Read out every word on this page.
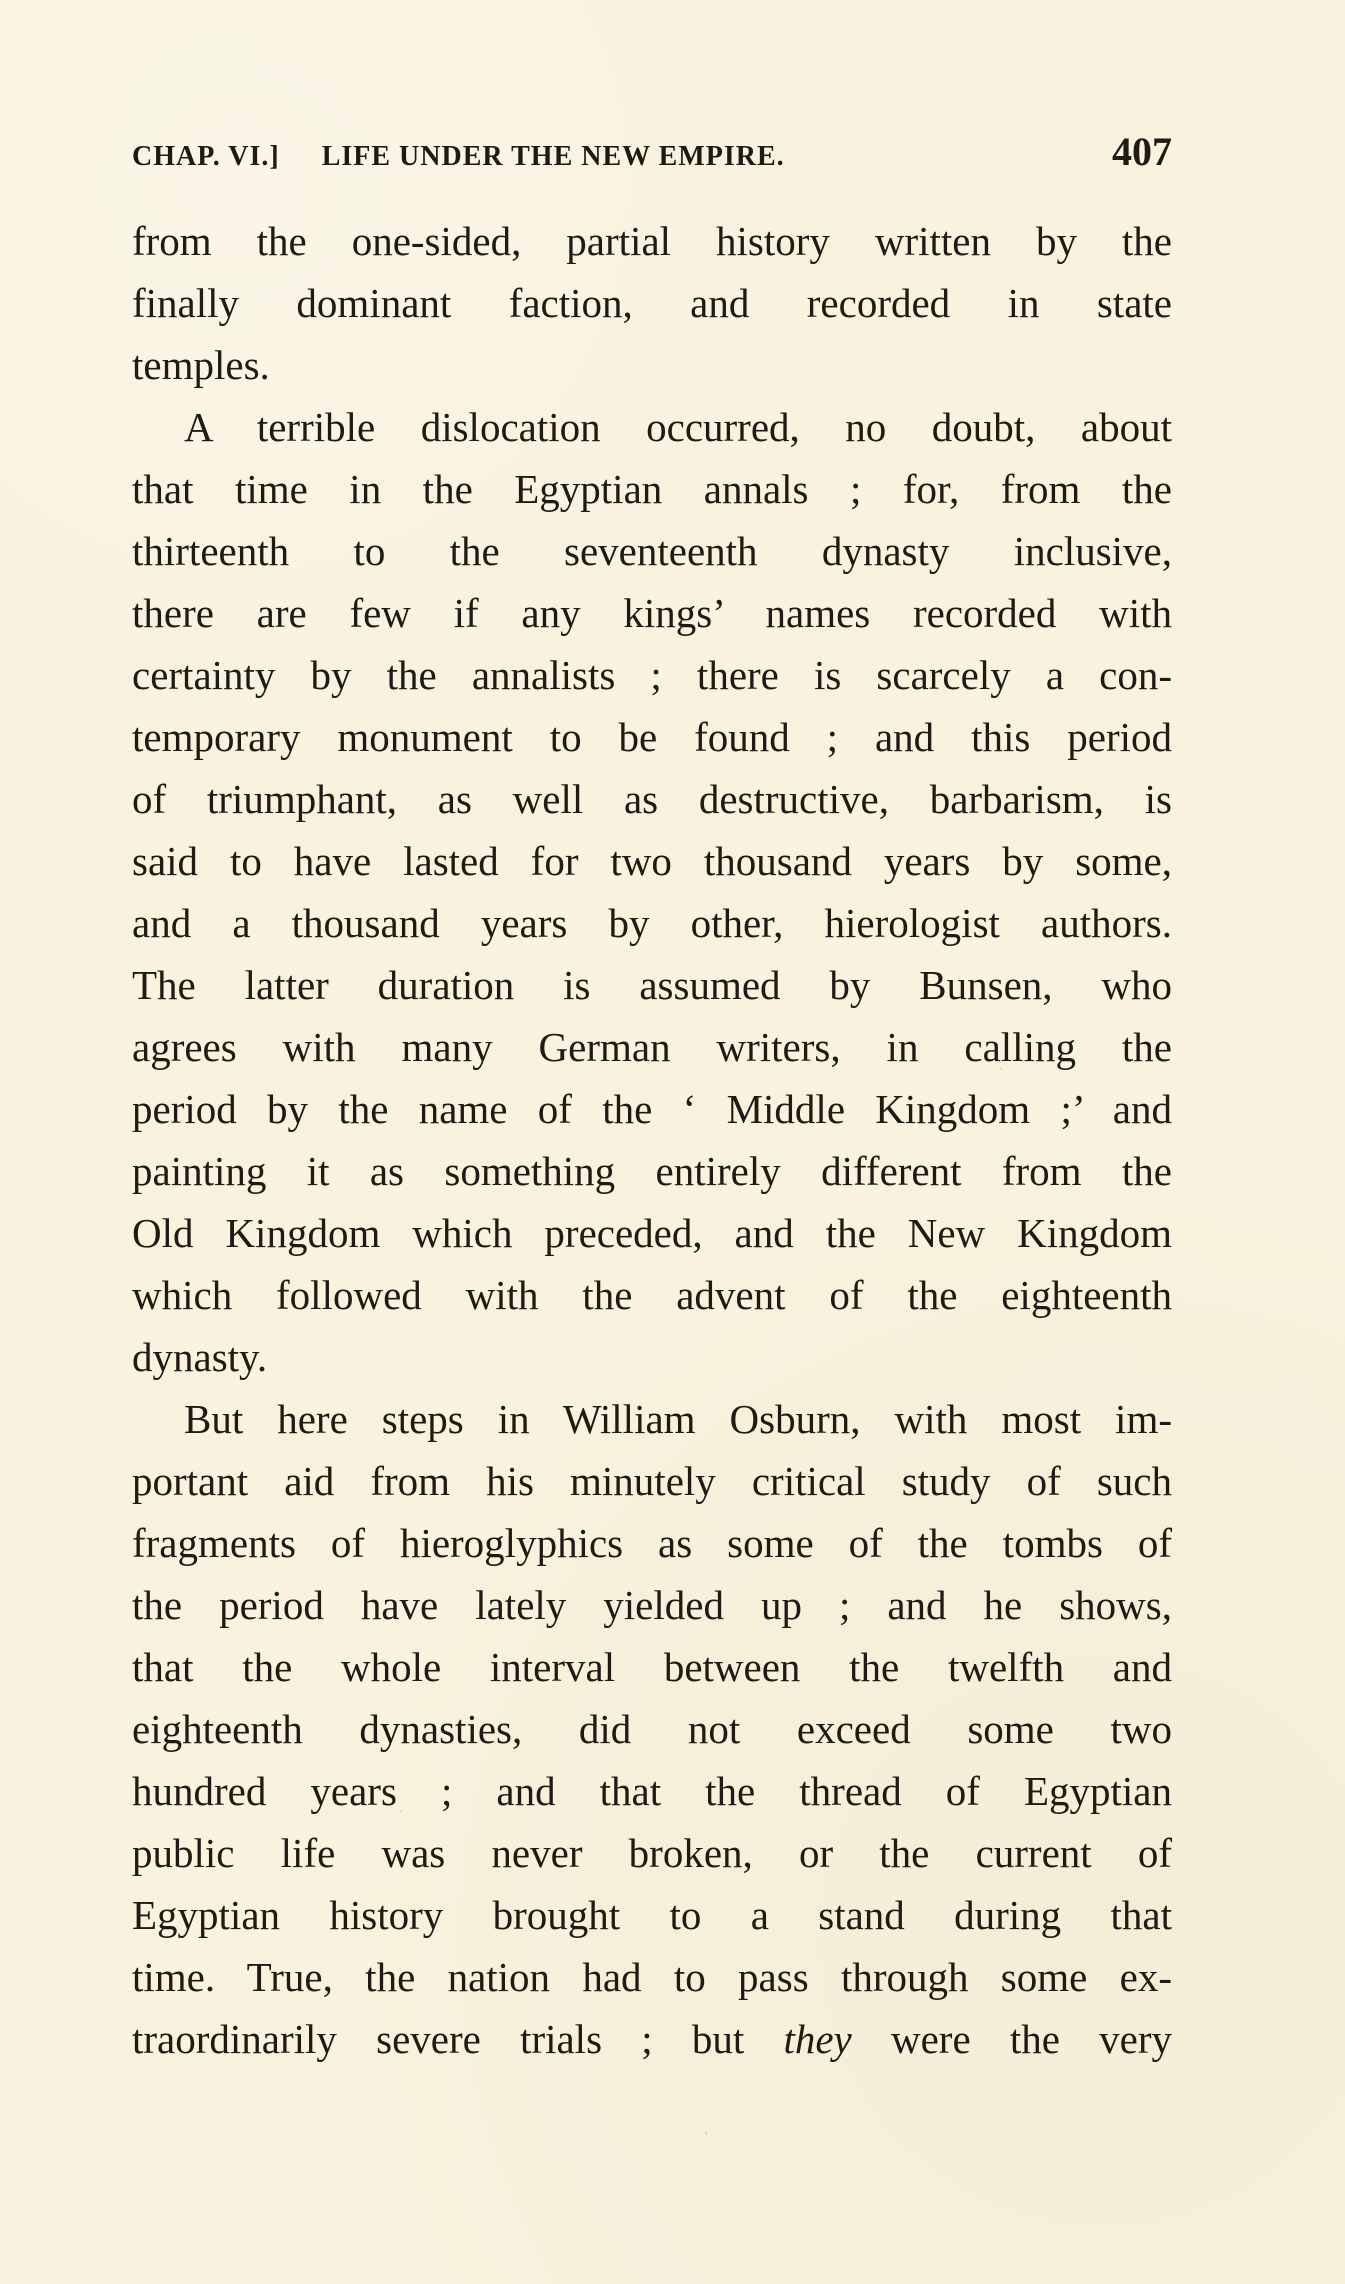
CHAP. VI.] LIFE UNDER THE NEW EMPIRE.	407
from the one-sided, partial history written by the
finally dominant faction, and recorded in state
temples.
A terrible dislocation occurred, no doubt, about
that time in the Egyptian annals ; for, from the
thirteenth to the seventeenth dynasty inclusive,
there are few if any kings’ names recorded with
certainty by the annalists ; there is scarcely a con-
temporary monument to be found ; and this period
of triumphant, as well as destructive, barbarism, is
said to have lasted for two thousand years by some,
and a thousand years by other, hierologist authors.
The latter duration is assumed by Bunsen, who
agrees with many German writers, in calling the
period by the name of the ‘ Middle Kingdom ;’ and
painting it as something entirely different from the
Old Kingdom which preceded, and the New Kingdom
which followed with the advent of the eighteenth
dynasty.
But here steps in William Osburn, with most im-
portant aid from his minutely critical study of such
fragments of hieroglyphics as some of the tombs of
the period have lately yielded up ; and he shows,
that the whole interval between the twelfth and
eighteenth dynasties, did not exceed some two
hundred years ; and that the thread of Egyptian
public life was never broken, or the current of
Egyptian history brought to a stand during that
time. True, the nation had to pass through some ex-
traordinarily severe trials ; but they were the very
